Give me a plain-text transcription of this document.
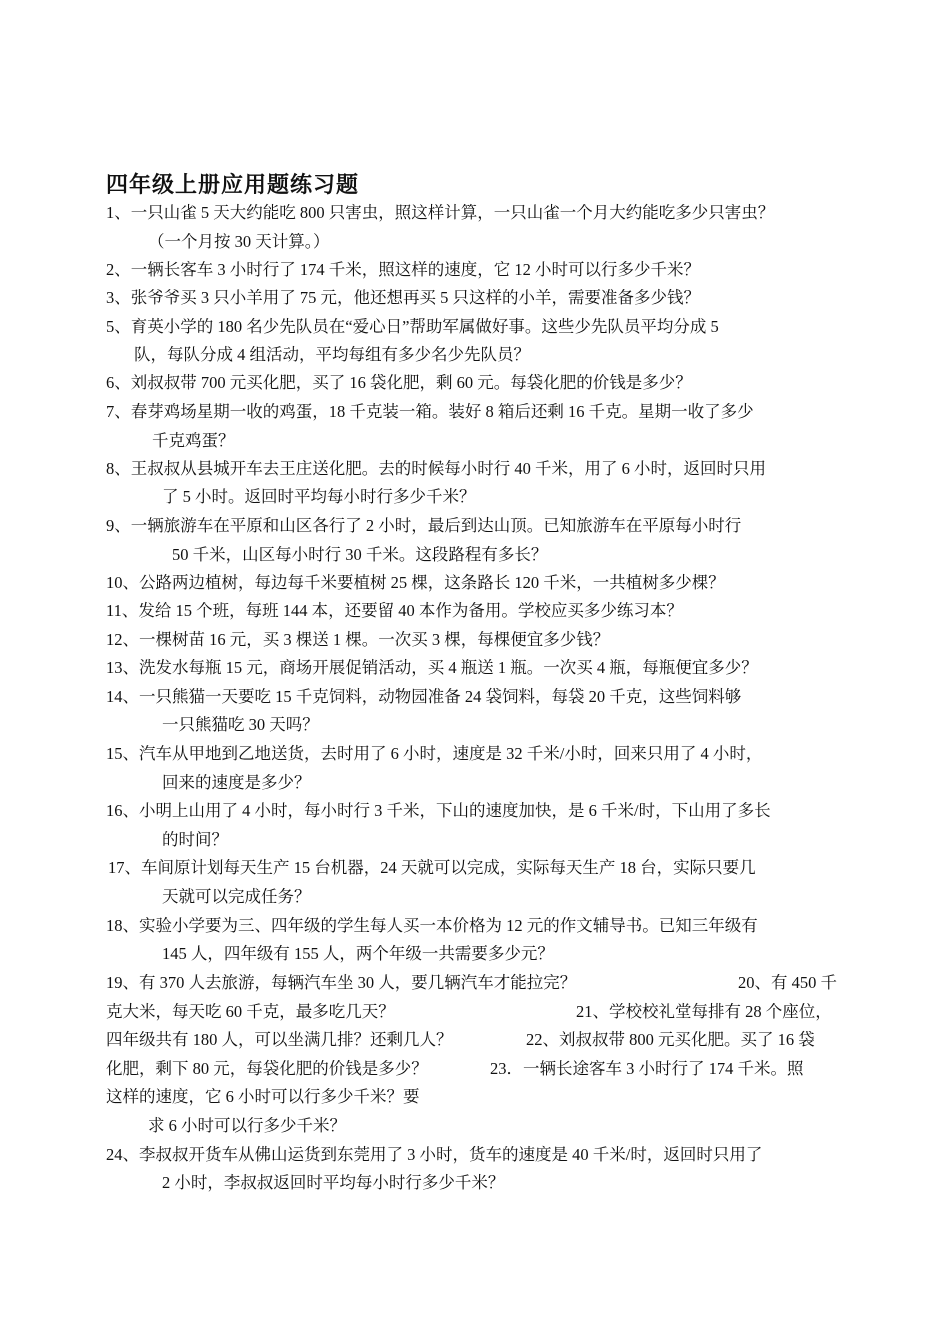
四年级上册应用题练习题
1、一只山雀 5 天大约能吃 800 只害虫，照这样计算，一只山雀一个月大约能吃多少只害虫？
（一个月按 30 天计算。）
2、一辆长客车 3 小时行了 174 千米，照这样的速度，它 12 小时可以行多少千米？
3、张爷爷买 3 只小羊用了 75 元，他还想再买 5 只这样的小羊，需要准备多少钱？
5、育英小学的 180 名少先队员在“爱心日”帮助军属做好事。这些少先队员平均分成 5
队，每队分成 4 组活动，平均每组有多少名少先队员？
6、刘叔叔带 700 元买化肥，买了 16 袋化肥，剩 60 元。每袋化肥的价钱是多少？
7、春芽鸡场星期一收的鸡蛋，18 千克装一箱。装好 8 箱后还剩 16 千克。星期一收了多少
千克鸡蛋？
8、王叔叔从县城开车去王庄送化肥。去的时候每小时行 40 千米，用了 6 小时，返回时只用
了 5 小时。返回时平均每小时行多少千米？
9、一辆旅游车在平原和山区各行了 2 小时，最后到达山顶。已知旅游车在平原每小时行
50 千米，山区每小时行 30 千米。这段路程有多长？
10、公路两边植树，每边每千米要植树 25 棵，这条路长 120 千米，一共植树多少棵？
11、发给 15 个班，每班 144 本，还要留 40 本作为备用。学校应买多少练习本？
12、一棵树苗 16 元，买 3 棵送 1 棵。一次买 3 棵，每棵便宜多少钱？
13、洗发水每瓶 15 元，商场开展促销活动，买 4 瓶送 1 瓶。一次买 4 瓶，每瓶便宜多少？
14、一只熊猫一天要吃 15 千克饲料，动物园准备 24 袋饲料，每袋 20 千克，这些饲料够
一只熊猫吃 30 天吗？
15、汽车从甲地到乙地送货，去时用了 6 小时，速度是 32 千米/小时，回来只用了 4 小时，
回来的速度是多少？
16、小明上山用了 4 小时，每小时行 3 千米，下山的速度加快，是 6 千米/时，下山用了多长
的时间？
17、车间原计划每天生产 15 台机器，24 天就可以完成，实际每天生产 18 台，实际只要几
天就可以完成任务？
18、实验小学要为三、四年级的学生每人买一本价格为 12 元的作文辅导书。已知三年级有
145 人，四年级有 155 人，两个年级一共需要多少元？
19、有 370 人去旅游，每辆汽车坐 30 人，要几辆汽车才能拉完？	20、有 450 千
克大米，每天吃 60 千克，最多吃几天？	21、学校校礼堂每排有 28 个座位，
四年级共有 180 人，可以坐满几排？还剩几人？	22、刘叔叔带 800 元买化肥。买了 16 袋
化肥，剩下 80 元，每袋化肥的价钱是多少？	23．一辆长途客车 3 小时行了 174 千米。照
这样的速度，它 6 小时可以行多少千米？要
求 6 小时可以行多少千米？
24、李叔叔开货车从佛山运货到东莞用了 3 小时，货车的速度是 40 千米/时，返回时只用了
2 小时，李叔叔返回时平均每小时行多少千米？
